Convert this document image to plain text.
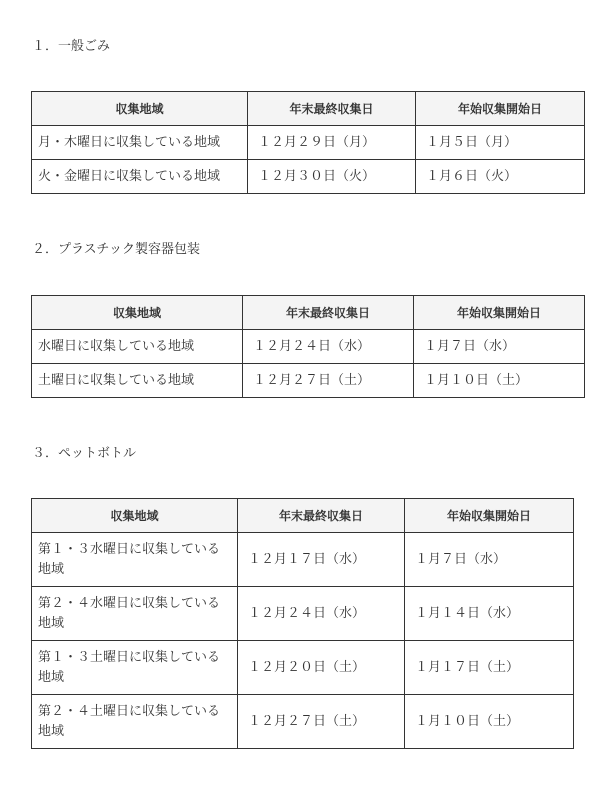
１．一般ごみ
収集地域	年末最終収集日	年始収集開始日
月・木曜日に収集している地域	１２月２９日（月）	１月５日（月）
火・金曜日に収集している地域	１２月３０日（火）	１月６日（火）
２．プラスチック製容器包装
収集地域	年末最終収集日	年始収集開始日
水曜日に収集している地域	１２月２４日（水）	１月７日（水）
土曜日に収集している地域	１２月２７日（土）	１月１０日（土）
３．ペットボトル
収集地域	年末最終収集日	年始収集開始日
第１・３水曜日に収集している地域	１２月１７日（水）	１月７日（水）
第２・４水曜日に収集している地域	１２月２４日（水）	１月１４日（水）
第１・３土曜日に収集している地域	１２月２０日（土）	１月１７日（土）
第２・４土曜日に収集している地域	１２月２７日（土）	１月１０日（土）
